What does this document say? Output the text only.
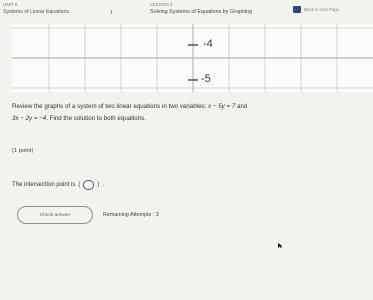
UNIT 5
Systems of Linear Equations	›
LESSON 2
Solving Systems of Equations by Graphing	Back to Unit Page
-4
-5
Review the graphs of a system of two linear equations in two variables: x − 5y = 7 and
3x − 2y = −4. Find the solution to both equations.
(1 point)
The intersection point is (	) .
Check answer	Remaining Attempts : 3
